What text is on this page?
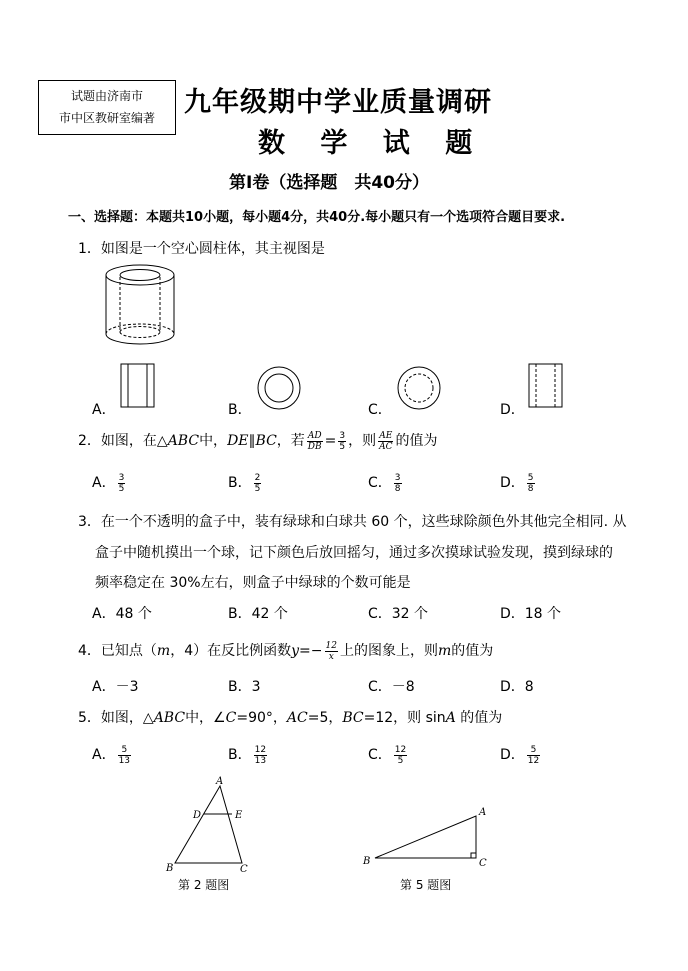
试题由济南市
市中区教研室编著	九年级期中学业质量调研
数 学 试 题
第Ⅰ卷（选择题　共40分）
一、选择题：本题共10小题，每小题4分，共40分.每小题只有一个选项符合题目要求.
1．如图是一个空心圆柱体，其主视图是
A．	B．	C．	D．
2．如图，在△ABC中，DE∥BC，若 $\frac{AD}{DB} = \frac{3}{5}$ ，则 $\frac{AE}{AC}$ 的值为
A． $\frac{3}{5}$	B． $\frac{2}{5}$	C． $\frac{3}{8}$	D． $\frac{5}{8}$
3．在一个不透明的盒子中，装有绿球和白球共 60 个，这些球除颜色外其他完全相同. 从
盒子中随机摸出一个球，记下颜色后放回摇匀，通过多次摸球试验发现，摸到绿球的
频率稳定在 30%左右，则盒子中绿球的个数可能是
A．48 个	B．42 个	C．32 个	D．18 个
4．已知点（m，4）在反比例函数$y=- \frac{12}{x}$ 上的图象上，则m的值为
A．－3	B．3	C．－8	D．8
5．如图，△ABC中，∠C=90°，AC=5，BC=12，则 sinA 的值为
A． $\frac{5}{13}$	B． $\frac{12}{13}$	C． $\frac{12}{5}$	D． $\frac{5}{12}$
A
D	E
B	C
第 2 题图
A
B	C
第 5 题图
